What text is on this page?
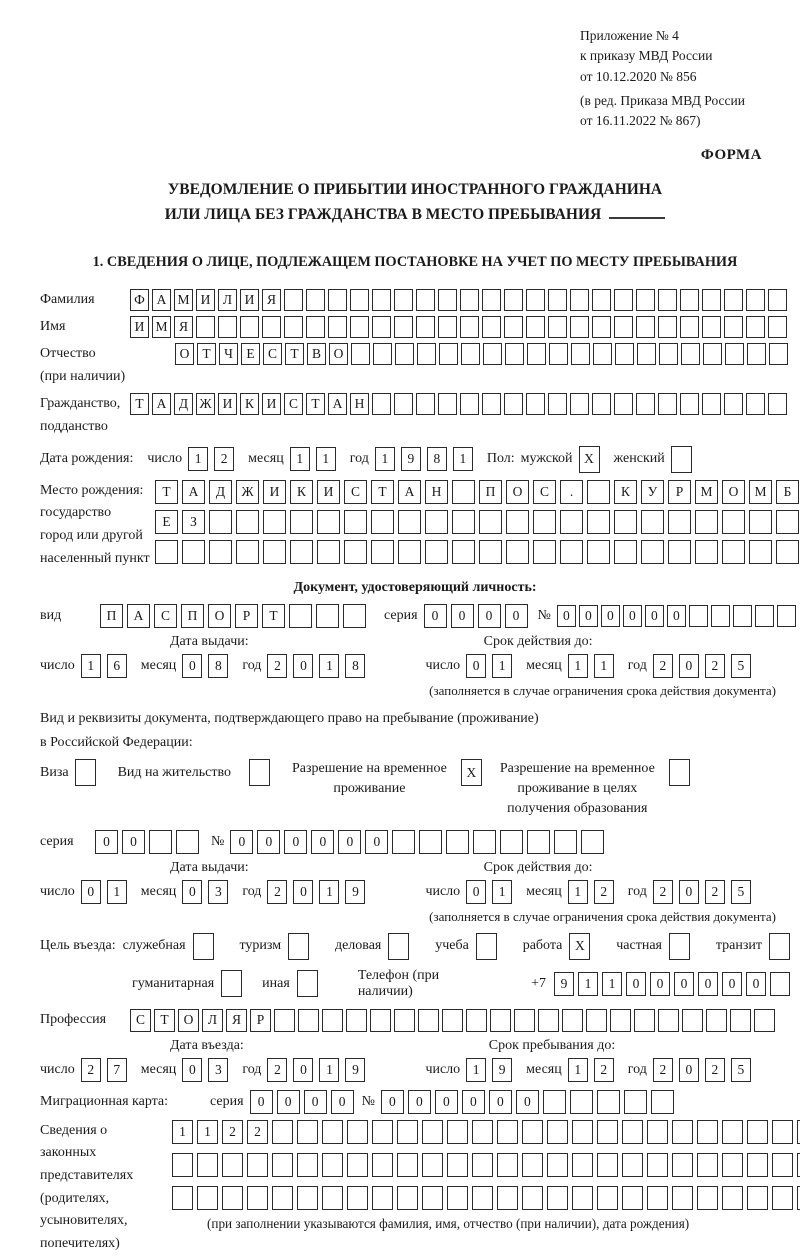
Приложение № 4
к приказу МВД России
от 10.12.2020 № 856
(в ред. Приказа МВД России
от 16.11.2022 № 867)
ФОРМА
УВЕДОМЛЕНИЕ О ПРИБЫТИИ ИНОСТРАННОГО ГРАЖДАНИНА
ИЛИ ЛИЦА БЕЗ ГРАЖДАНСТВА В МЕСТО ПРЕБЫВАНИЯ
1. СВЕДЕНИЯ О ЛИЦЕ, ПОДЛЕЖАЩЕМ ПОСТАНОВКЕ НА УЧЕТ ПО МЕСТУ ПРЕБЫВАНИЯ
Фамилия	Ф А М И Л И Я
Имя	И М Я
Отчество
(при наличии)
О Т Ч Е С Т В О
Гражданство,
подданство
Т А Д Ж И К И С Т А Н
Дата рождения: число 1	2	месяц 1	1	год 1	9	8	1	Пол: мужской X	женский
Место рождения:
государство
город или другой
населенный пункт
Т	А	Д	Ж	И	К	И	С	Т	А	Н	П	О	С	.	К	У	Р	М	О	М	Б
Е	З
Документ, удостоверяющий личность:
вид	П	А	С	П	О	Р	Т	серия	0	0	0	0	№ 0	0	0	0	0	0
Дата выдачи:	Срок действия до:
число 1	6	месяц 0	8	год 2	0	1	8	число 0	1	месяц 1	1	год 2	0	2	5
(заполняется в случае ограничения срока действия документа)
Вид и реквизиты документа, подтверждающего право на пребывание (проживание)
в Российской Федерации:
Виза	Вид на жительство	Разрешение на временное
проживание
X	Разрешение на временное
проживание в целях
получения образования
серия	0	0	№	0	0	0	0	0	0
Дата выдачи:	Срок действия до:
число 0	1	месяц 0	3	год 2	0	1	9	число 0	1	месяц 1	2	год 2	0	2	5
(заполняется в случае ограничения срока действия документа)
Цель въезда: служебная	туризм	деловая	учеба	работа X	частная	транзит
гуманитарная	иная
Телефон (при наличии)
+7	9	1	1	0	0	0	0	0	0
Профессия	С	Т	О	Л	Я	Р
Дата въезда:	Срок пребывания до:
число 2	7	месяц 0	3	год 2	0	1	9	число 1	9	месяц 1	2	год 2	0	2	5
Миграционная карта:	серия	0	0	0	0	№	0	0	0	0	0	0
Сведения о
законных
представителях
(родителях,
усыновителях,
попечителях)
1	1	2	2
(при заполнении указываются фамилия, имя, отчество (при наличии), дата рождения)
